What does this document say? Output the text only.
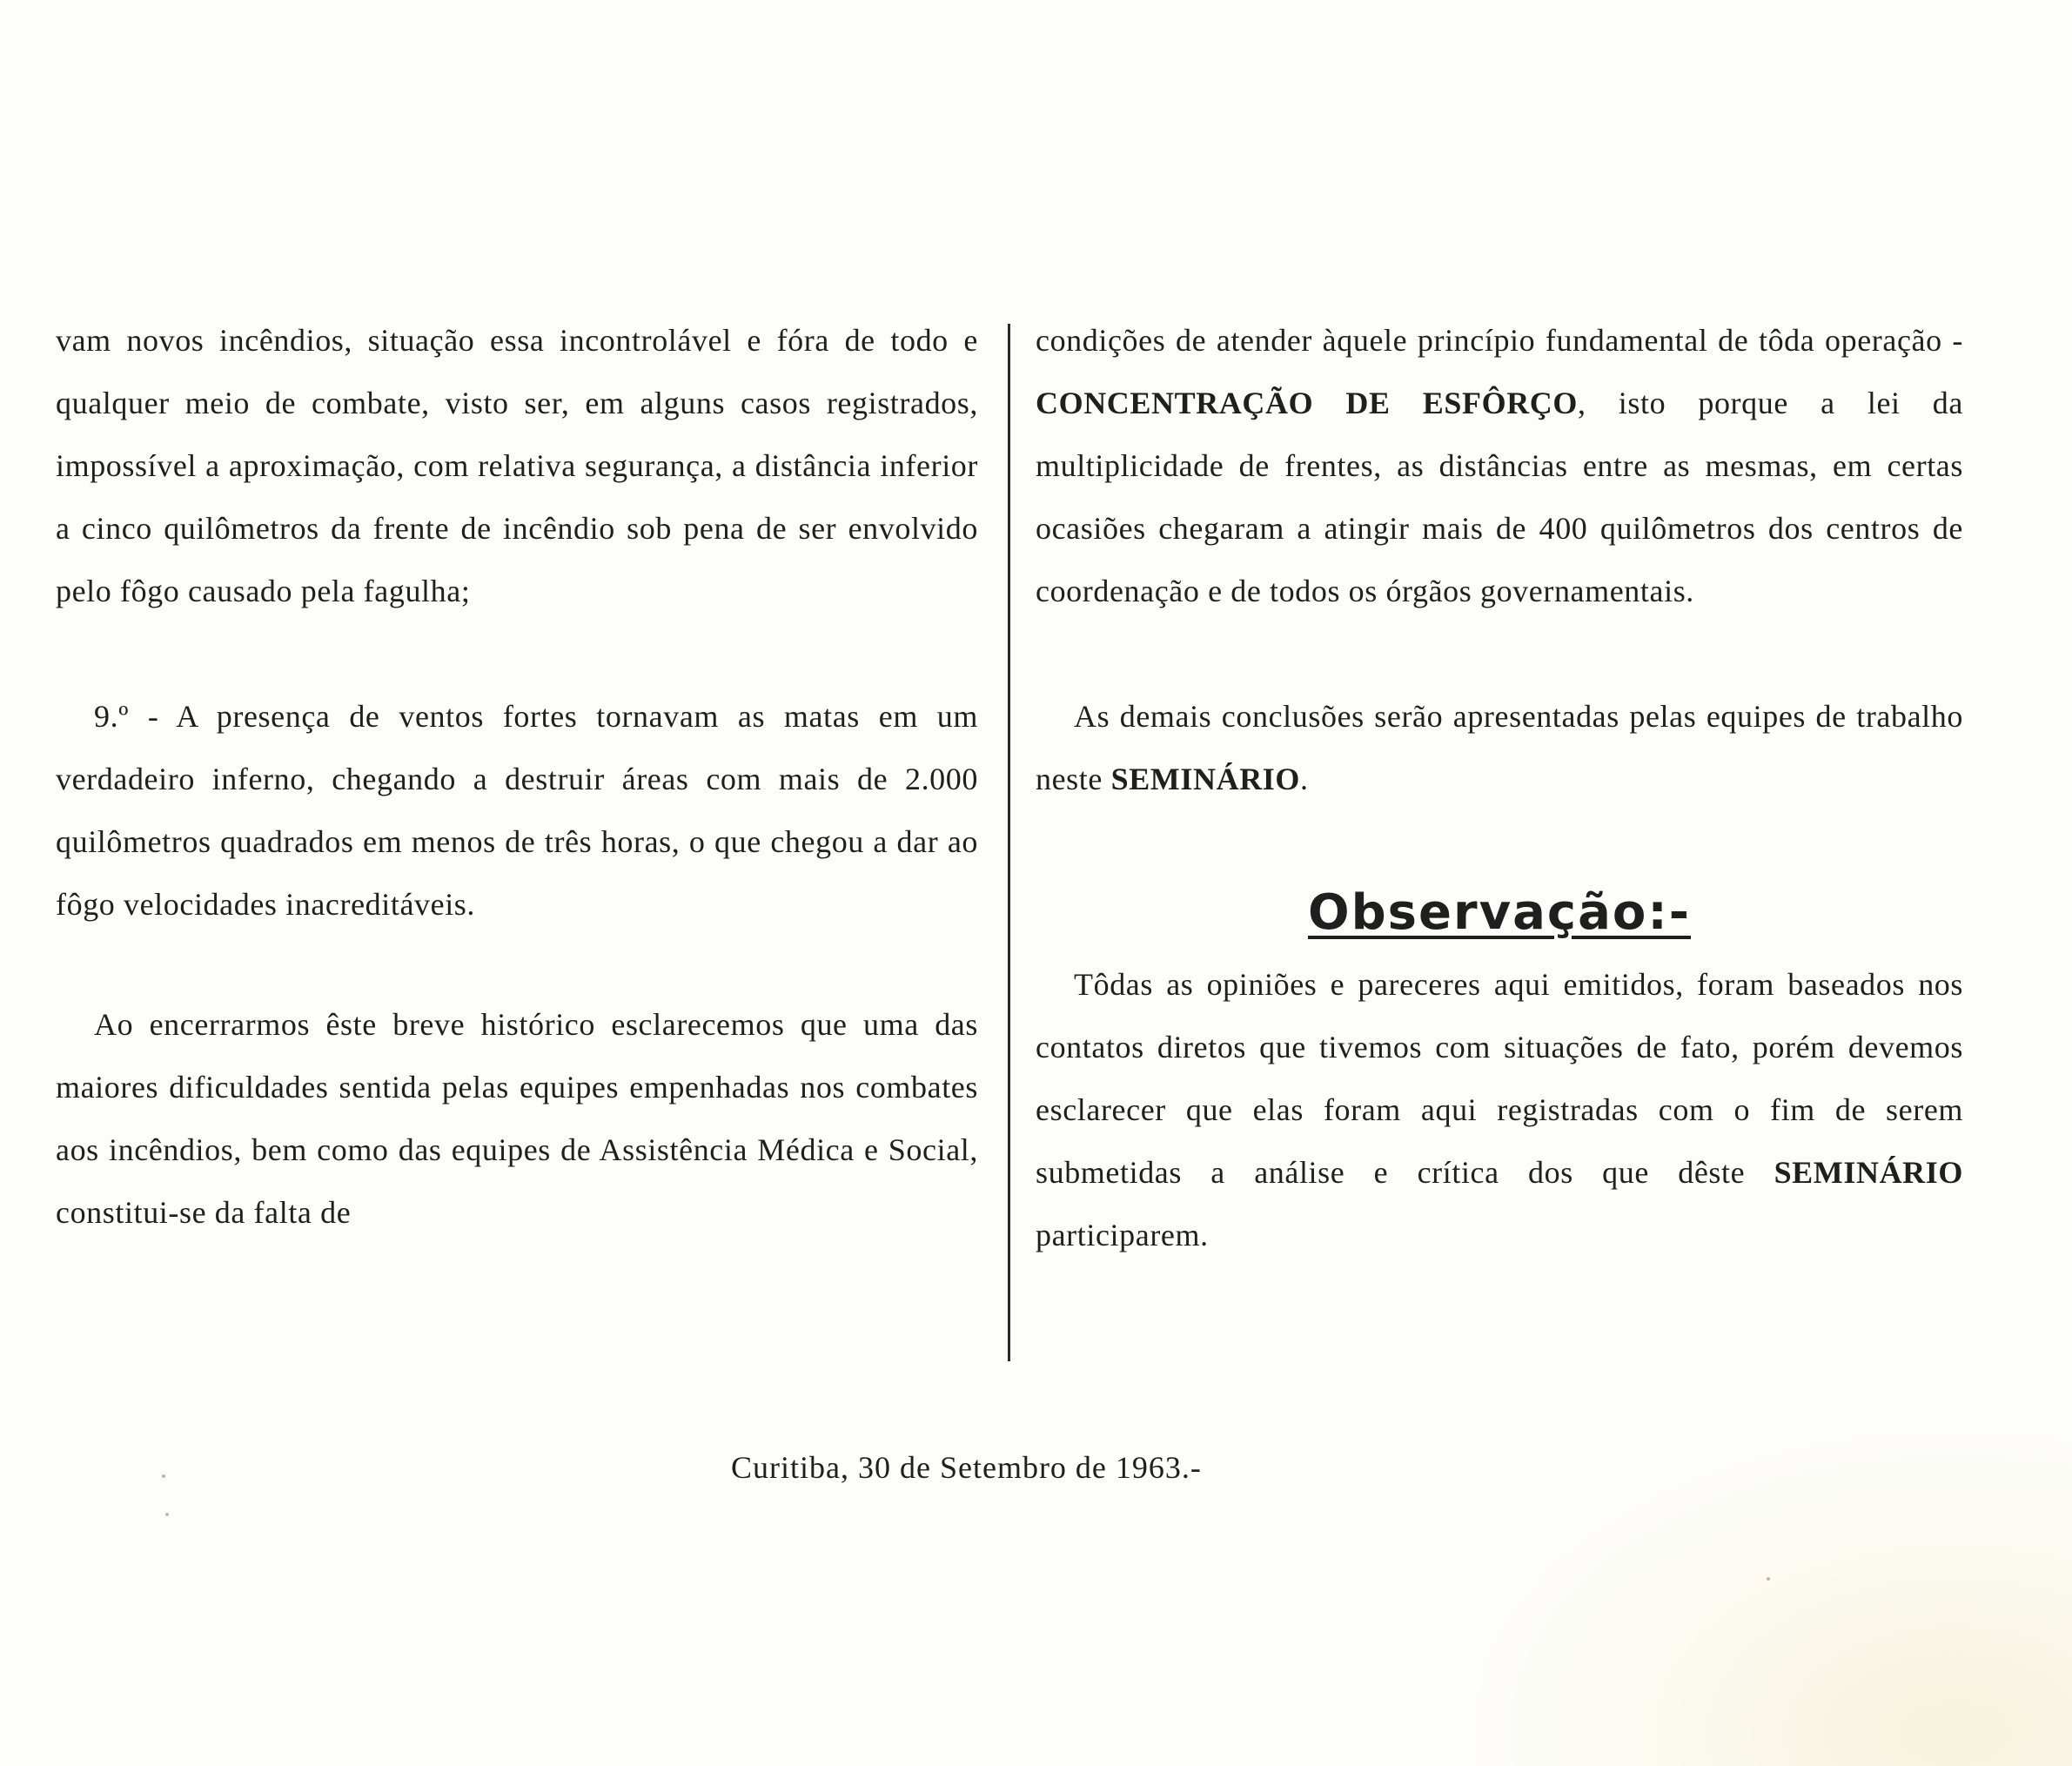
vam novos incêndios, situação essa incontrolável e fóra de todo e qualquer meio de combate, visto ser, em alguns casos registrados, impossível a aproximação, com relativa segurança, a distância inferior a cinco quilômetros da frente de incêndio sob pena de ser envolvido pelo fôgo causado pela fagulha;

9.º - A presença de ventos fortes tornavam as matas em um verdadeiro inferno, chegando a destruir áreas com mais de 2.000 quilômetros quadrados em menos de três horas, o que chegou a dar ao fôgo velocidades inacreditáveis.

Ao encerrarmos êste breve histórico esclarecemos que uma das maiores dificuldades sentida pelas equipes empenhadas nos combates aos incêndios, bem como das equipes de Assistência Médica e Social, constitui-se da falta de

condições de atender àquele princípio fundamental de tôda operação - CONCENTRAÇÃO DE ESFÔRÇO, isto porque a lei da multiplicidade de frentes, as distâncias entre as mesmas, em certas ocasiões chegaram a atingir mais de 400 quilômetros dos centros de coordenação e de todos os órgãos governamentais.

As demais conclusões serão apresentadas pelas equipes de trabalho neste SEMINÁRIO.

Observação:-

Tôdas as opiniões e pareceres aqui emitidos, foram baseados nos contatos diretos que tivemos com situações de fato, porém devemos esclarecer que elas foram aqui registradas com o fim de serem submetidas a análise e crítica dos que dêste SEMINÁRIO participarem.

Curitiba, 30 de Setembro de 1963.-
